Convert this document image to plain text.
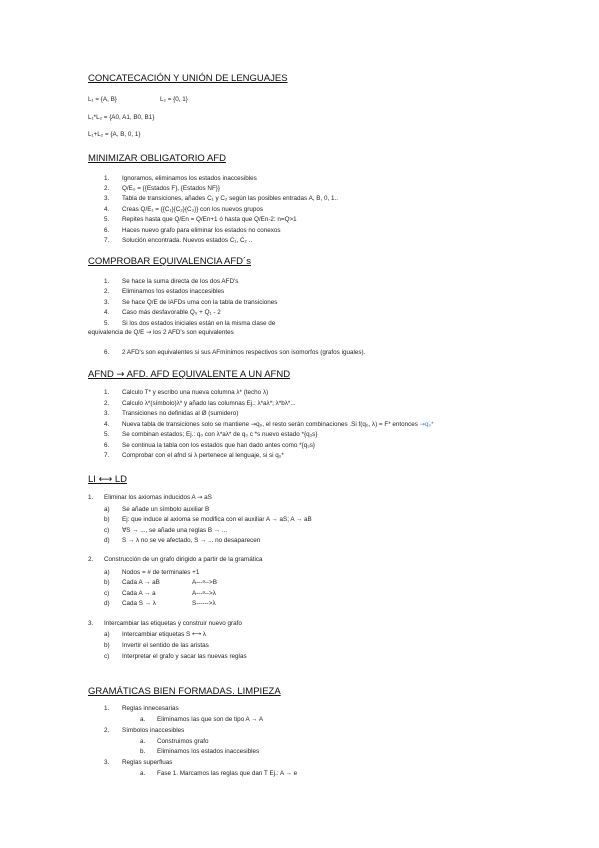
CONCATECACIÓN Y UNIÓN DE LENGUAJES
L₁ = {A, B}	L₂ = {0, 1}
L₁*L₂ = {A0, A1, B0, B1}
L₁+L₂ = {A, B, 0, 1}
MINIMIZAR OBLIGATORIO AFD
1. Ignoramos, eliminamos los estados inaccesibles
2. Q/E₀ = {{Estados F}, {Estados NF}}
3. Tabla de transiciones, añades C₁ y C₂ según las posibles entradas A, B, 0, 1..
4. Creas Q/E₁ = {{C₁}{C₂}{C₃}} con los nuevos grupos
5. Repites hasta que Q/En = Q/En+1 ó hasta que Q/En-2: n=Q>1
6. Haces nuevo grafo para eliminar los estados no conexos
7. Solución encontrada. Nuevos estados C₁, C₂ ..
COMPROBAR EQUIVALENCIA AFD´s
1. Se hace la suma directa de los dos AFD's
2. Eliminamos los estados inaccesibles
3. Se hace Q/E de lAFDs uma con la tabla de transiciones
4. Caso más desfavorable Q₀ + Q₁ - 2
5. Si los dos estados iniciales están en la misma clase de
equivalencia de Q/E → los 2 AFD's son equivalentes
6. 2 AFD's son equivalentes si sus AFmínimos respectivos son isomorfos (grafos iguales).
AFND → AFD. AFD EQUIVALENTE A UN AFND
1. Calculo T* y escribo una nueva columna λ* (techo λ)
2. Calculo λ*(símbolo)λ* y añado las columnas Ej.: λ*aλ*; λ*bλ*...
3. Transiciones no definidas al Ø (sumidero)
4. Nueva tabla de transiciones solo se mantiene →q₀, el resto serán combinaciones .Si f(q₀, λ) = F* entonces →q₀*
5. Se combinan estados; Ej.: q₀ con λ*aλ* de q₀ c *s nuevo estado *{q₃s}
6. Se continua la tabla con los estados que han dado antes como *{q₃s}
7. Comprobar con el afnd si λ pertenece al lenguaje, si si q₀*
LI ⟷ LD
1. Eliminar los axiomas inducidos A → aS
a) Se añade un símbolo auxiliar B
b) Ej: que induce al axioma se modifica con el auxiliar A → aS; A → aB
c) ∀S → ..., se añade una reglas B → ...
d) S → λ no se ve afectado, S → ... no desaparecen
2. Construcción de un grafo dirigido a partir de la gramática
a) Nodos = # de terminales +1
b) Cada A → aB	A---ᵃ-->B
c) Cada A → a	A---ᵃ-->λ
d) Cada S → λ	S------>λ
3. Intercambiar las etiquetas y construir nuevo grafo
a) Intercambiar etiquetas S ⟷ λ
b) Invertir el sentido de las aristas
c) Interpretar el grafo y sacar las nuevas reglas
GRAMÁTICAS BIEN FORMADAS. LIMPIEZA
1. Reglas innecesarias
a. Eliminamos las que son de tipo A → A
2. Símbolos inaccesibles
a. Construimos grafo
b. Eliminamos los estados inaccesibles
3. Reglas superfluas
a. Fase 1. Marcamos las reglas que dan T Ej.: A → e
